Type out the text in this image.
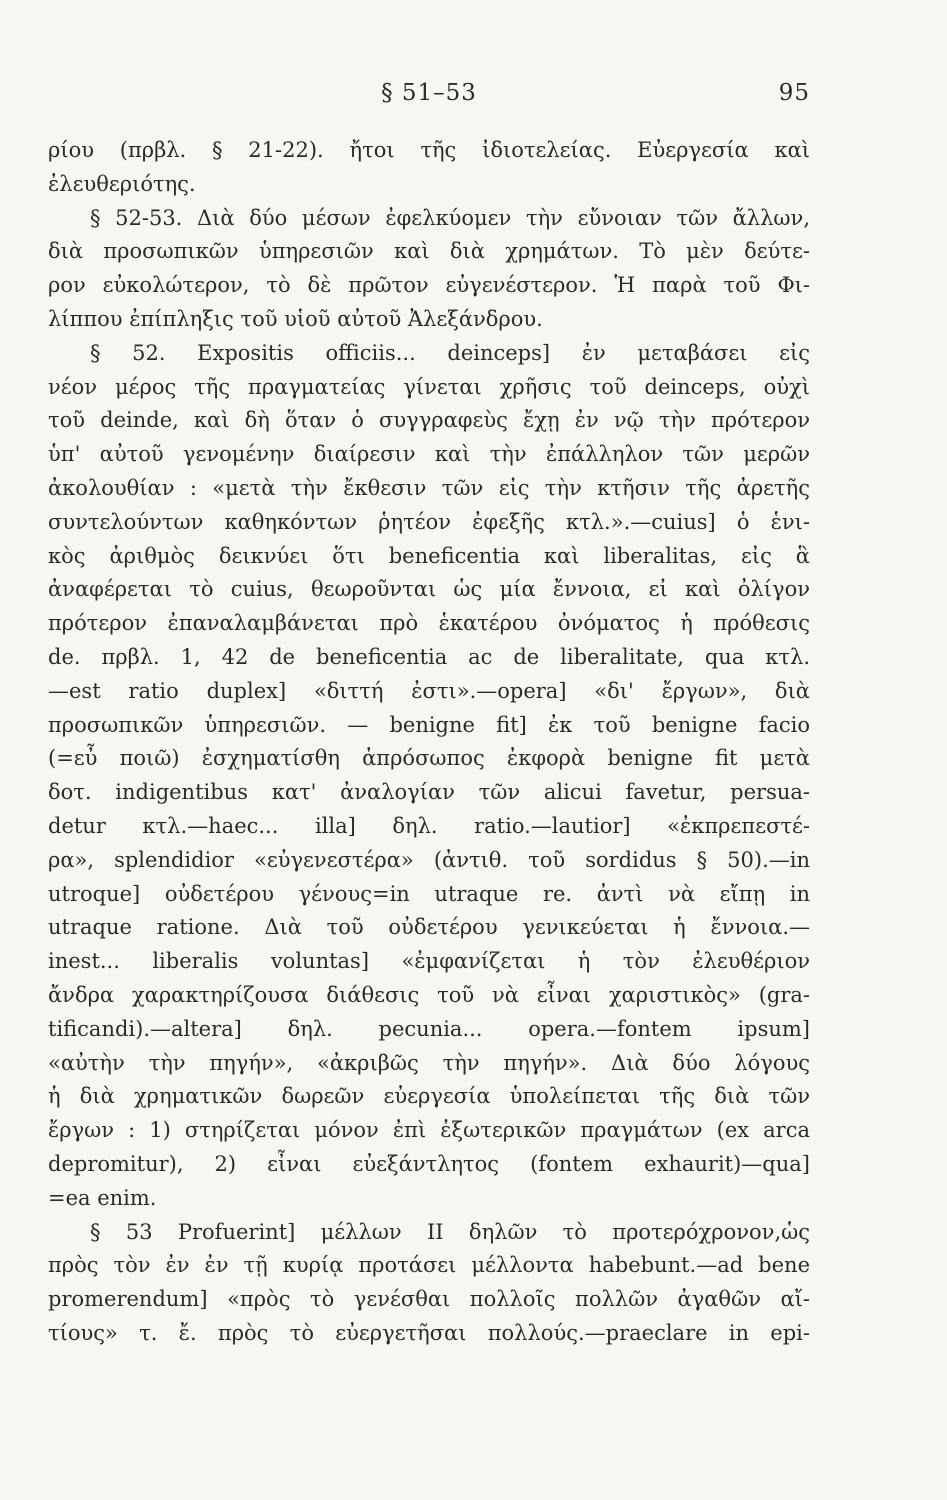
§ 51–53	95
ρίου (πρβλ. § 21-22). ἤτοι τῆς ἰδιοτελείας. Εὐεργεσία καὶ
ἐλευθεριότης.
§ 52-53. Διὰ δύο μέσων ἐφελκύομεν τὴν εὔνοιαν τῶν ἄλλων,
διὰ προσωπικῶν ὑπηρεσιῶν καὶ διὰ χρημάτων. Τὸ μὲν δεύτε-
ρον εὐκολώτερον, τὸ δὲ πρῶτον εὐγενέστερον. Ἡ παρὰ τοῦ Φι-
λίππου ἐπίπληξις τοῦ υἱοῦ αὐτοῦ Ἀλεξάνδρου.
§ 52. Expositis officiis... deinceps] ἐν μεταβάσει εἰς
νέον μέρος τῆς πραγματείας γίνεται χρῆσις τοῦ deinceps, οὐχὶ
τοῦ deinde, καὶ δὴ ὅταν ὁ συγγραφεὺς ἔχῃ ἐν νῷ τὴν πρότερον
ὑπ' αὐτοῦ γενομένην διαίρεσιν καὶ τὴν ἐπάλληλον τῶν μερῶν
ἀκολουθίαν : «μετὰ τὴν ἔκθεσιν τῶν εἰς τὴν κτῆσιν τῆς ἀρετῆς
συντελούντων καθηκόντων ῥητέον ἐφεξῆς κτλ.».—cuius] ὁ ἑνι-
κὸς ἀριθμὸς δεικνύει ὅτι beneficentia καὶ liberalitas, εἰς ἃ
ἀναφέρεται τὸ cuius, θεωροῦνται ὡς μία ἔννοια, εἰ καὶ ὀλίγον
πρότερον ἐπαναλαμβάνεται πρὸ ἑκατέρου ὀνόματος ἡ πρόθεσις
de. πρβλ. 1, 42 de beneficentia ac de liberalitate, qua κτλ.
—est ratio duplex] «διττή ἐστι».—opera] «δι' ἔργων», διὰ
προσωπικῶν ὑπηρεσιῶν. — benigne fit] ἐκ τοῦ benigne facio
(=εὖ ποιῶ) ἐσχηματίσθη ἀπρόσωπος ἐκφορὰ benigne fit μετὰ
δοτ. indigentibus κατ' ἀναλογίαν τῶν alicui favetur, persua-
detur κτλ.—haec... illa] δηλ. ratio.—lautior] «ἐκπρεπεστέ-
ρα», splendidior «εὐγενεστέρα» (ἀντιθ. τοῦ sordidus § 50).—in
utroque] οὐδετέρου γένους=in utraque re. ἀντὶ νὰ εἴπῃ in
utraque ratione. Διὰ τοῦ οὐδετέρου γενικεύεται ἡ ἔννοια.—
inest... liberalis voluntas] «ἐμφανίζεται ἡ τὸν ἐλευθέριον
ἄνδρα χαρακτηρίζουσα διάθεσις τοῦ νὰ εἶναι χαριστικὸς» (gra-
tificandi).—altera] δηλ. pecunia... opera.—fontem ipsum]
«αὐτὴν τὴν πηγήν», «ἀκριβῶς τὴν πηγήν». Διὰ δύο λόγους
ἡ διὰ χρηματικῶν δωρεῶν εὐεργεσία ὑπολείπεται τῆς διὰ τῶν
ἔργων : 1) στηρίζεται μόνον ἐπὶ ἐξωτερικῶν πραγμάτων (ex arca
depromitur), 2) εἶναι εὐεξάντλητος (fontem exhaurit)—qua]
=ea enim.
§ 53 Profuerint] μέλλων II δηλῶν τὸ προτερόχρονον,ὡς
πρὸς τὸν ἐν ἐν τῇ κυρίᾳ προτάσει μέλλοντα habebunt.—ad bene
promerendum] «πρὸς τὸ γενέσθαι πολλοῖς πολλῶν ἀγαθῶν αἴ-
τίους» τ. ἔ. πρὸς τὸ εὐεργετῆσαι πολλούς.—praeclare in epi-
